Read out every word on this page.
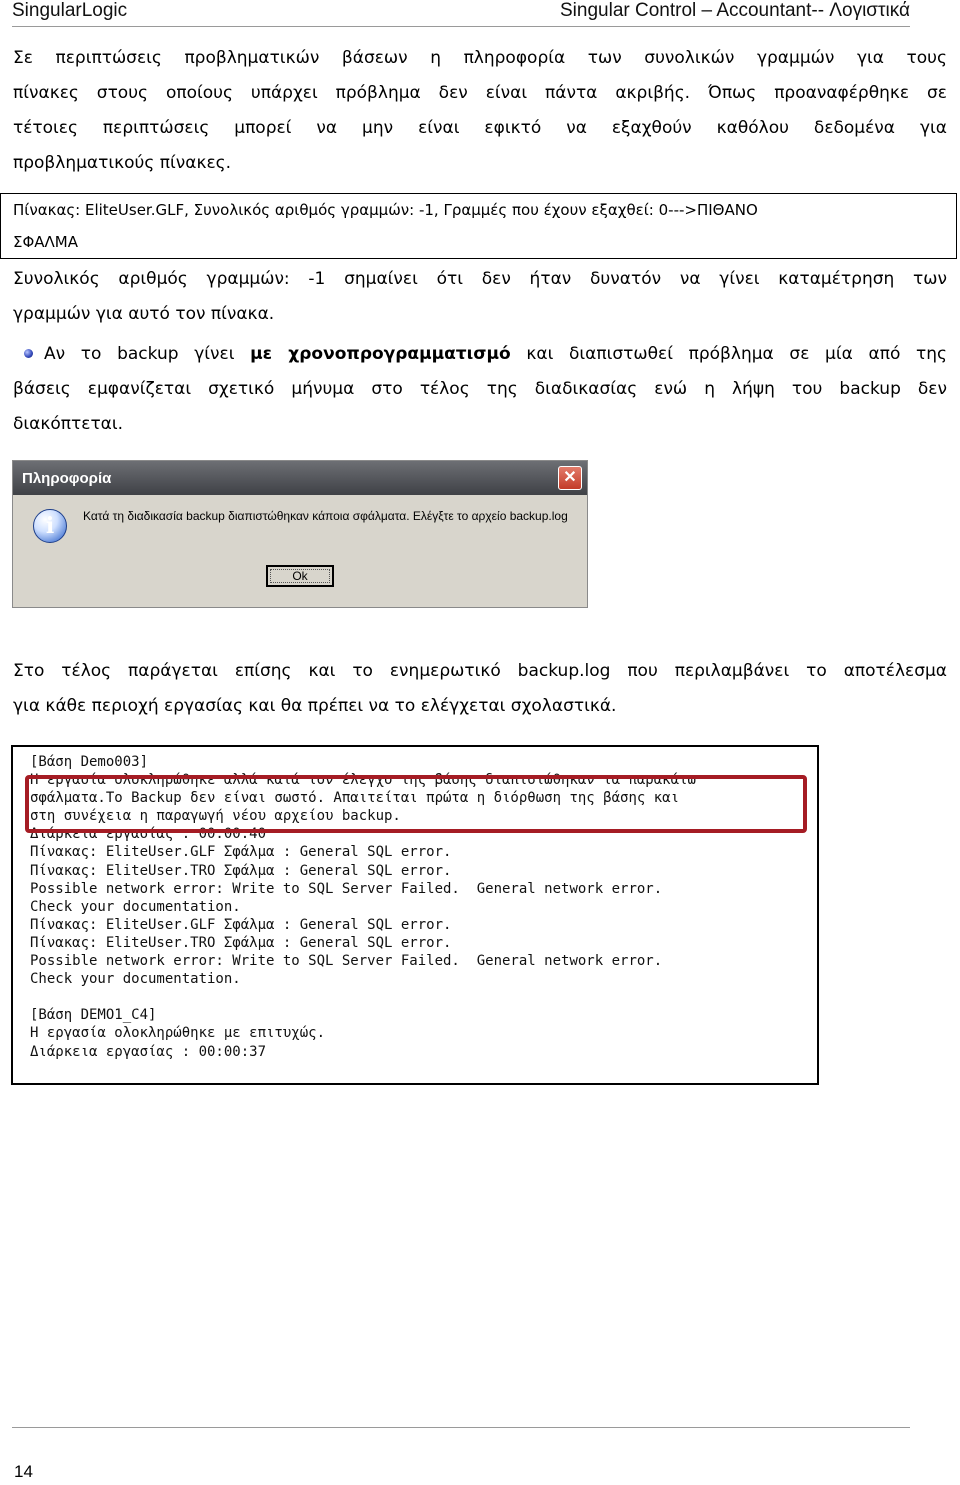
SingularLogic	Singular Control – Accountant-- Λογιστικά
Σε περιπτώσεις προβληματικών βάσεων η πληροφορία των συνολικών γραμμών για τους
πίνακες στους οποίους υπάρχει πρόβλημα δεν είναι πάντα ακριβής. Όπως προαναφέρθηκε σε
τέτοιες περιπτώσεις μπορεί να μην είναι εφικτό να εξαχθούν καθόλου δεδομένα για
προβληματικούς πίνακες.
Πίνακας: EliteUser.GLF, Συνολικός αριθμός γραμμών: -1, Γραμμές που έχουν εξαχθεί: 0--->ΠΙΘΑΝΟ
ΣΦΑΛΜΑ
Συνολικός αριθμός γραμμών: -1 σημαίνει ότι δεν ήταν δυνατόν να γίνει καταμέτρηση των
γραμμών για αυτό τον πίνακα.
Αν το backup γίνει με χρονοπρογραμματισμό και διαπιστωθεί πρόβλημα σε μία από της
βάσεις εμφανίζεται σχετικό μήνυμα στο τέλος της διαδικασίας ενώ η λήψη του backup δεν
διακόπτεται.
Πληροφορία	✕
i	Κατά τη διαδικασία backup διαπιστώθηκαν κάποια σφάλματα. Ελέγξτε το αρχείο backup.log
Ok
Στο τέλος παράγεται επίσης και το ενημερωτικό backup.log που περιλαμβάνει το αποτέλεσμα
για κάθε περιοχή εργασίας και θα πρέπει να το ελέγχεται σχολαστικά.
[Βάση Demo003]
Η εργασία ολοκληρώθηκε αλλά κατά τον έλεγχο της βάσης διαπιστώθηκαν τα παρακάτω
σφάλματα.Το Backup δεν είναι σωστό. Απαιτείται πρώτα η διόρθωση της βάσης και
στη συνέχεια η παραγωγή νέου αρχείου backup.
Διάρκεια εργασίας : 00:00:40
Πίνακας: EliteUser.GLF Σφάλμα : General SQL error.
Πίνακας: EliteUser.TRO Σφάλμα : General SQL error.
Possible network error: Write to SQL Server Failed.  General network error.
Check your documentation.
Πίνακας: EliteUser.GLF Σφάλμα : General SQL error.
Πίνακας: EliteUser.TRO Σφάλμα : General SQL error.
Possible network error: Write to SQL Server Failed.  General network error.
Check your documentation.

[Βάση DEMO1_C4]
Η εργασία ολοκληρώθηκε με επιτυχώς.
Διάρκεια εργασίας : 00:00:37
14
